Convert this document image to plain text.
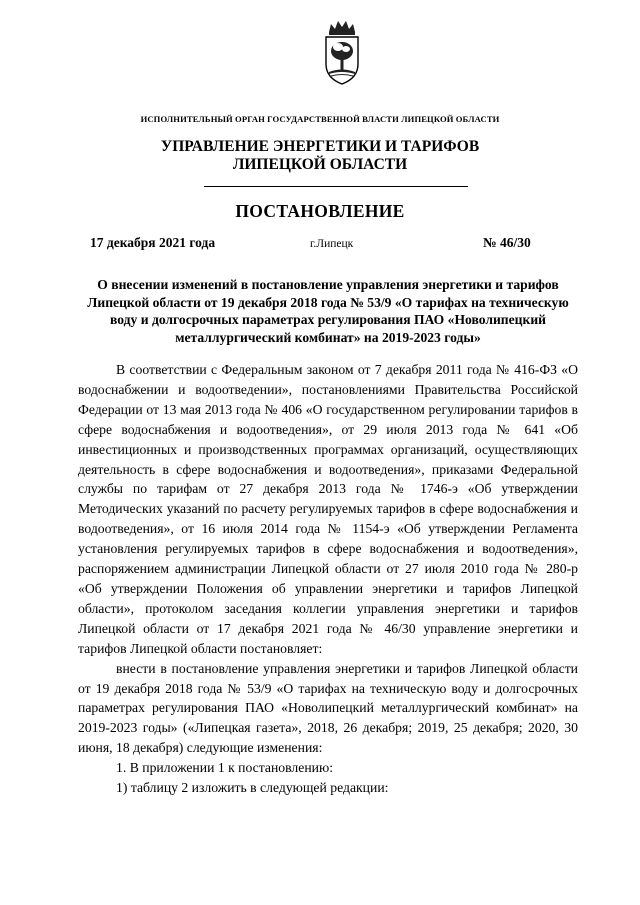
ИСПОЛНИТЕЛЬНЫЙ ОРГАН ГОСУДАРСТВЕННОЙ ВЛАСТИ ЛИПЕЦКОЙ ОБЛАСТИ
УПРАВЛЕНИЕ ЭНЕРГЕТИКИ И ТАРИФОВ
ЛИПЕЦКОЙ ОБЛАСТИ
ПОСТАНОВЛЕНИЕ
17 декабря 2021 года	г.Липецк	№ 46/30
О внесении изменений в постановление управления энергетики и тарифов Липецкой области от 19 декабря 2018 года № 53/9 «О тарифах на техническую воду и долгосрочных параметрах регулирования ПАО «Новолипецкий металлургический комбинат» на 2019-2023 годы»

В соответствии с Федеральным законом от 7 декабря 2011 года № 416-ФЗ «О водоснабжении и водоотведении», постановлениями Правительства Российской Федерации от 13 мая 2013 года № 406 «О государственном регулировании тарифов в сфере водоснабжения и водоотведения», от 29 июля 2013 года № 641 «Об инвестиционных и производственных программах организаций, осуществляющих деятельность в сфере водоснабжения и водоотведения», приказами Федеральной службы по тарифам от 27 декабря 2013 года № 1746-э «Об утверждении Методических указаний по расчету регулируемых тарифов в сфере водоснабжения и водоотведения», от 16 июля 2014 года № 1154-э «Об утверждении Регламента установления регулируемых тарифов в сфере водоснабжения и водоотведения», распоряжением администрации Липецкой области от 27 июля 2010 года № 280-р «Об утверждении Положения об управлении энергетики и тарифов Липецкой области», протоколом заседания коллегии управления энергетики и тарифов Липецкой области от 17 декабря 2021 года № 46/30 управление энергетики и тарифов Липецкой области постановляет:

внести в постановление управления энергетики и тарифов Липецкой области от 19 декабря 2018 года № 53/9 «О тарифах на техническую воду и долгосрочных параметрах регулирования ПАО «Новолипецкий металлургический комбинат» на 2019-2023 годы» («Липецкая газета», 2018, 26 декабря; 2019, 25 декабря; 2020, 30 июня, 18 декабря) следующие изменения:

1. В приложении 1 к постановлению:

1) таблицу 2 изложить в следующей редакции:
